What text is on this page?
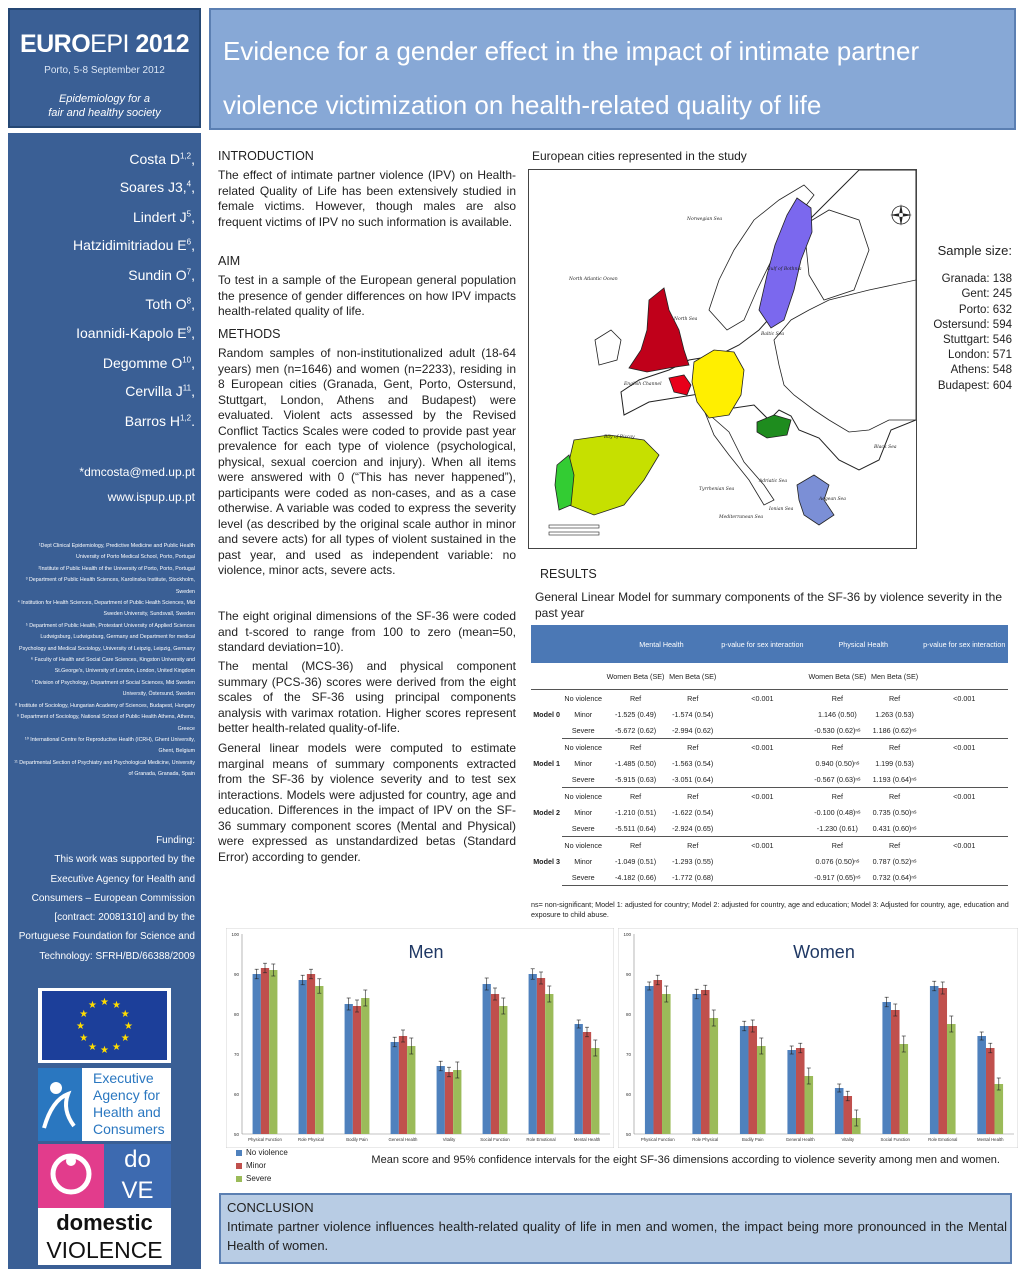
EUROEPI 2012
Porto, 5-8 September 2012
Epidemiology for a
fair and healthy society
Evidence for a gender effect in the impact of intimate partner violence victimization on health-related quality of life
Costa D$^{1,2}$,
Soares J3,$^4$,
Lindert $J^5$,
Hatzidimitriadou $E^6$,
Sundin $O^7$,
Toth $O^8$,
Ioannidi-Kapolo $E^9$,
Degomme $O^{10}$,
Cervilla $J^{11}$,
Barros H$^{1,2}$.
*dmcosta@med.up.pt
www.ispup.up.pt
¹Dept Clinical Epidemiology, Predictive Medicine and Public Health
University of Porto Medical School, Porto, Portugal
²Institute of Public Health of the University of Porto, Porto, Portugal
³ Department of Public Health Sciences, Karolinska Institute, Stockholm, Sweden
⁴ Institution for Health Sciences, Department of Public Health Sciences, Mid Sweden University, Sundsvall, Sweden
⁵ Department of Public Health, Protestant University of Applied Sciences Ludwigsburg, Ludwigsburg, Germany and Department for medical Psychology and Medical Sociology, University of Leipzig, Leipzig, Germany
⁶ Faculty of Health and Social Care Sciences, Kingston University and St.George's, University of London, London, United Kingdom
⁷ Division of Psychology, Department of Social Sciences, Mid Sweden University, Östersund, Sweden
⁸ Institute of Sociology, Hungarian Academy of Sciences, Budapest, Hungary
⁹ Department of Sociology, National School of Public Health Athens, Athens, Greece
¹⁰ International Centre for Reproductive Health (ICRH), Ghent University, Ghent, Belgium
¹¹ Departmental Section of Psychiatry and Psychological Medicine, University of Granada, Granada, Spain
Funding:
This work was supported by the Executive Agency for Health and Consumers – European Commission [contract: 20081310] and by the Portuguese Foundation for Science and Technology: SFRH/BD/66388/2009
★ ★
★
★
★
★
★
★
★
★
★
★
Executive
Agency for
Health and
Consumers
do
VE
domestic
VIOLENCE
INTRODUCTION
The effect of intimate partner violence (IPV) on Health-related Quality of Life has been extensively studied in female victims. However, though males are also frequent victims of IPV no such information is available.
AIM
To test in a sample of the European general population the presence of gender differences on how IPV impacts health-related quality of life.
METHODS
Random samples of non-institutionalized adult (18-64 years) men (n=1646) and women (n=2233), residing in 8 European cities (Granada, Gent, Porto, Ostersund, Stuttgart, London, Athens and Budapest) were evaluated. Violent acts assessed by the Revised Conflict Tactics Scales were coded to provide past year prevalence for each type of violence (psychological, physical, sexual coercion and injury). When all items were answered with 0 (“This has never happened”), participants were coded as non-cases, and as a case otherwise. A variable was coded to express the severity level (as described by the original scale author in minor and severe acts) for all types of violent sustained in the past year, and used as independent variable: no violence, minor acts, severe acts.
The eight original dimensions of the SF-36 were coded and t-scored to range from 100 to zero (mean=50, standard deviation=10).
The mental (MCS-36) and physical component summary (PCS-36) scores were derived from the eight scales of the SF-36 using principal components analysis with varimax rotation. Higher scores represent better health-related quality-of-life.
General linear models were computed to estimate marginal means of summary components extracted from the SF-36 by violence severity and to test sex interactions. Models were adjusted for country, age and education. Differences in the impact of IPV on the SF-36 summary component scores (Mental and Physical) were expressed as unstandardized betas (Standard Error) according to gender.
European cities represented in the study
Norwegian Sea
North Atlantic Ocean
North Sea
Gulf of Bothnia
Baltic Sea
English Channel
Bay of Biscay
Black Sea
Tyrrhenian Sea
Adriatic Sea
Ionian Sea
Aegean Sea
Mediterranean Sea
Sample size:
Granada: 138
Gent: 245
Porto: 632
Ostersund: 594
Stuttgart: 546
London: 571
Athens: 548
Budapest: 604
RESULTS
General Linear Model for summary components of the SF-36 by violence severity in the past year
		Mental Health		p-value for sex interaction	Physical Health		p-value for sex interaction
		Women Beta (SE)	Men Beta (SE)		Women Beta (SE)	Men Beta (SE)	
Model 0	No violence	Ref	Ref	<0.001	Ref	Ref	<0.001
	Minor	-1.525 (0.49)	-1.574 (0.54)		1.146 (0.50)	1.263 (0.53)	
	Severe	-5.672 (0.62)	-2.994 (0.62)		-0.530 (0.62)ⁿˢ	1.186 (0.62)ⁿˢ	
Model 1	No violence	Ref	Ref	<0.001	Ref	Ref	<0.001
	Minor	-1.485 (0.50)	-1.563 (0.54)		0.940 (0.50)ⁿˢ	1.199 (0.53)	
	Severe	-5.915 (0.63)	-3.051 (0.64)		-0.567 (0.63)ⁿˢ	1.193 (0.64)ⁿˢ	
Model 2	No violence	Ref	Ref	<0.001	Ref	Ref	<0.001
	Minor	-1.210 (0.51)	-1.622 (0.54)		-0.100 (0.48)ⁿˢ	0.735 (0.50)ⁿˢ	
	Severe	-5.511 (0.64)	-2.924 (0.65)		-1.230 (0.61)	0.431 (0.60)ⁿˢ	
Model 3	No violence	Ref	Ref	<0.001	Ref	Ref	<0.001
	Minor	-1.049 (0.51)	-1.293 (0.55)		0.076 (0.50)ⁿˢ	0.787 (0.52)ⁿˢ	
	Severe	-4.182 (0.66)	-1.772 (0.68)		-0.917 (0.65)ⁿˢ	0.732 (0.64)ⁿˢ	
ns= non-significant; Model 1: adjusted for country; Model 2: adjusted for country, age and education; Model 3: Adjusted for country, age, education and exposure to child abuse.
50
60
70
80
90
100
Men
Physical Function	Role Physical	Bodily Pain	General Health	Vitality	Social Function	Role Emotional	Mental Health
50
60
70
80
90
100
Women
Physical Function	Role Physical	Bodily Pain	General Health	Vitality	Social Function	Role Emotional	Mental Health
No violence
Minor
Severe
Mean score and 95% confidence intervals for the eight SF-36 dimensions according to violence severity among men and women.
CONCLUSION
Intimate partner violence influences health-related quality of life in men and women, the impact being more pronounced in the Mental Health of women.
